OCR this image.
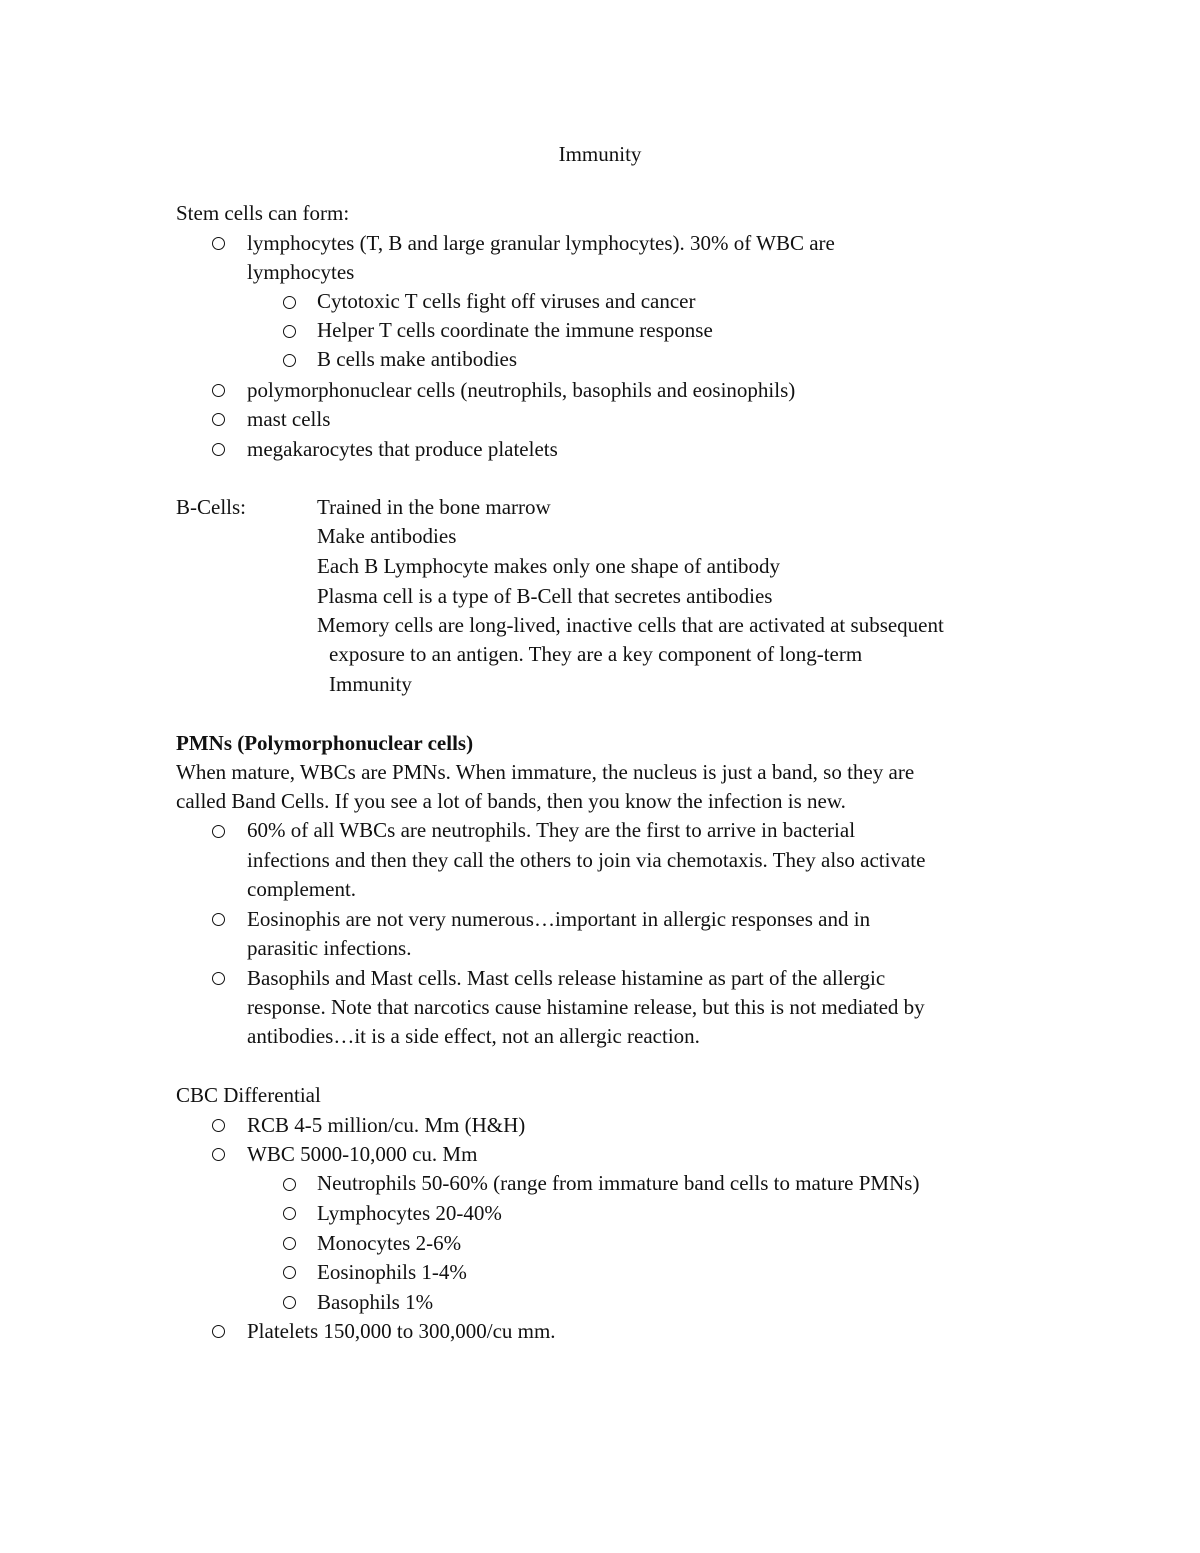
Immunity
Stem cells can form:
lymphocytes (T, B and large granular lymphocytes). 30% of WBC are
lymphocytes
Cytotoxic T cells fight off viruses and cancer
Helper T cells coordinate the immune response
B cells make antibodies
polymorphonuclear cells (neutrophils, basophils and eosinophils)
mast cells
megakarocytes that produce platelets
B-Cells:	Trained in the bone marrow
Make antibodies
Each B Lymphocyte makes only one shape of antibody
Plasma cell is a type of B-Cell that secretes antibodies
Memory cells are long-lived, inactive cells that are activated at subsequent
exposure to an antigen. They are a key component of long-term
Immunity
PMNs (Polymorphonuclear cells)
When mature, WBCs are PMNs. When immature, the nucleus is just a band, so they are
called Band Cells. If you see a lot of bands, then you know the infection is new.
60% of all WBCs are neutrophils. They are the first to arrive in bacterial
infections and then they call the others to join via chemotaxis. They also activate
complement.
Eosinophis are not very numerous…important in allergic responses and in
parasitic infections.
Basophils and Mast cells. Mast cells release histamine as part of the allergic
response. Note that narcotics cause histamine release, but this is not mediated by
antibodies…it is a side effect, not an allergic reaction.
CBC Differential
RCB 4-5 million/cu. Mm (H&H)
WBC 5000-10,000 cu. Mm
Neutrophils 50-60% (range from immature band cells to mature PMNs)
Lymphocytes 20-40%
Monocytes 2-6%
Eosinophils 1-4%
Basophils 1%
Platelets 150,000 to 300,000/cu mm.
